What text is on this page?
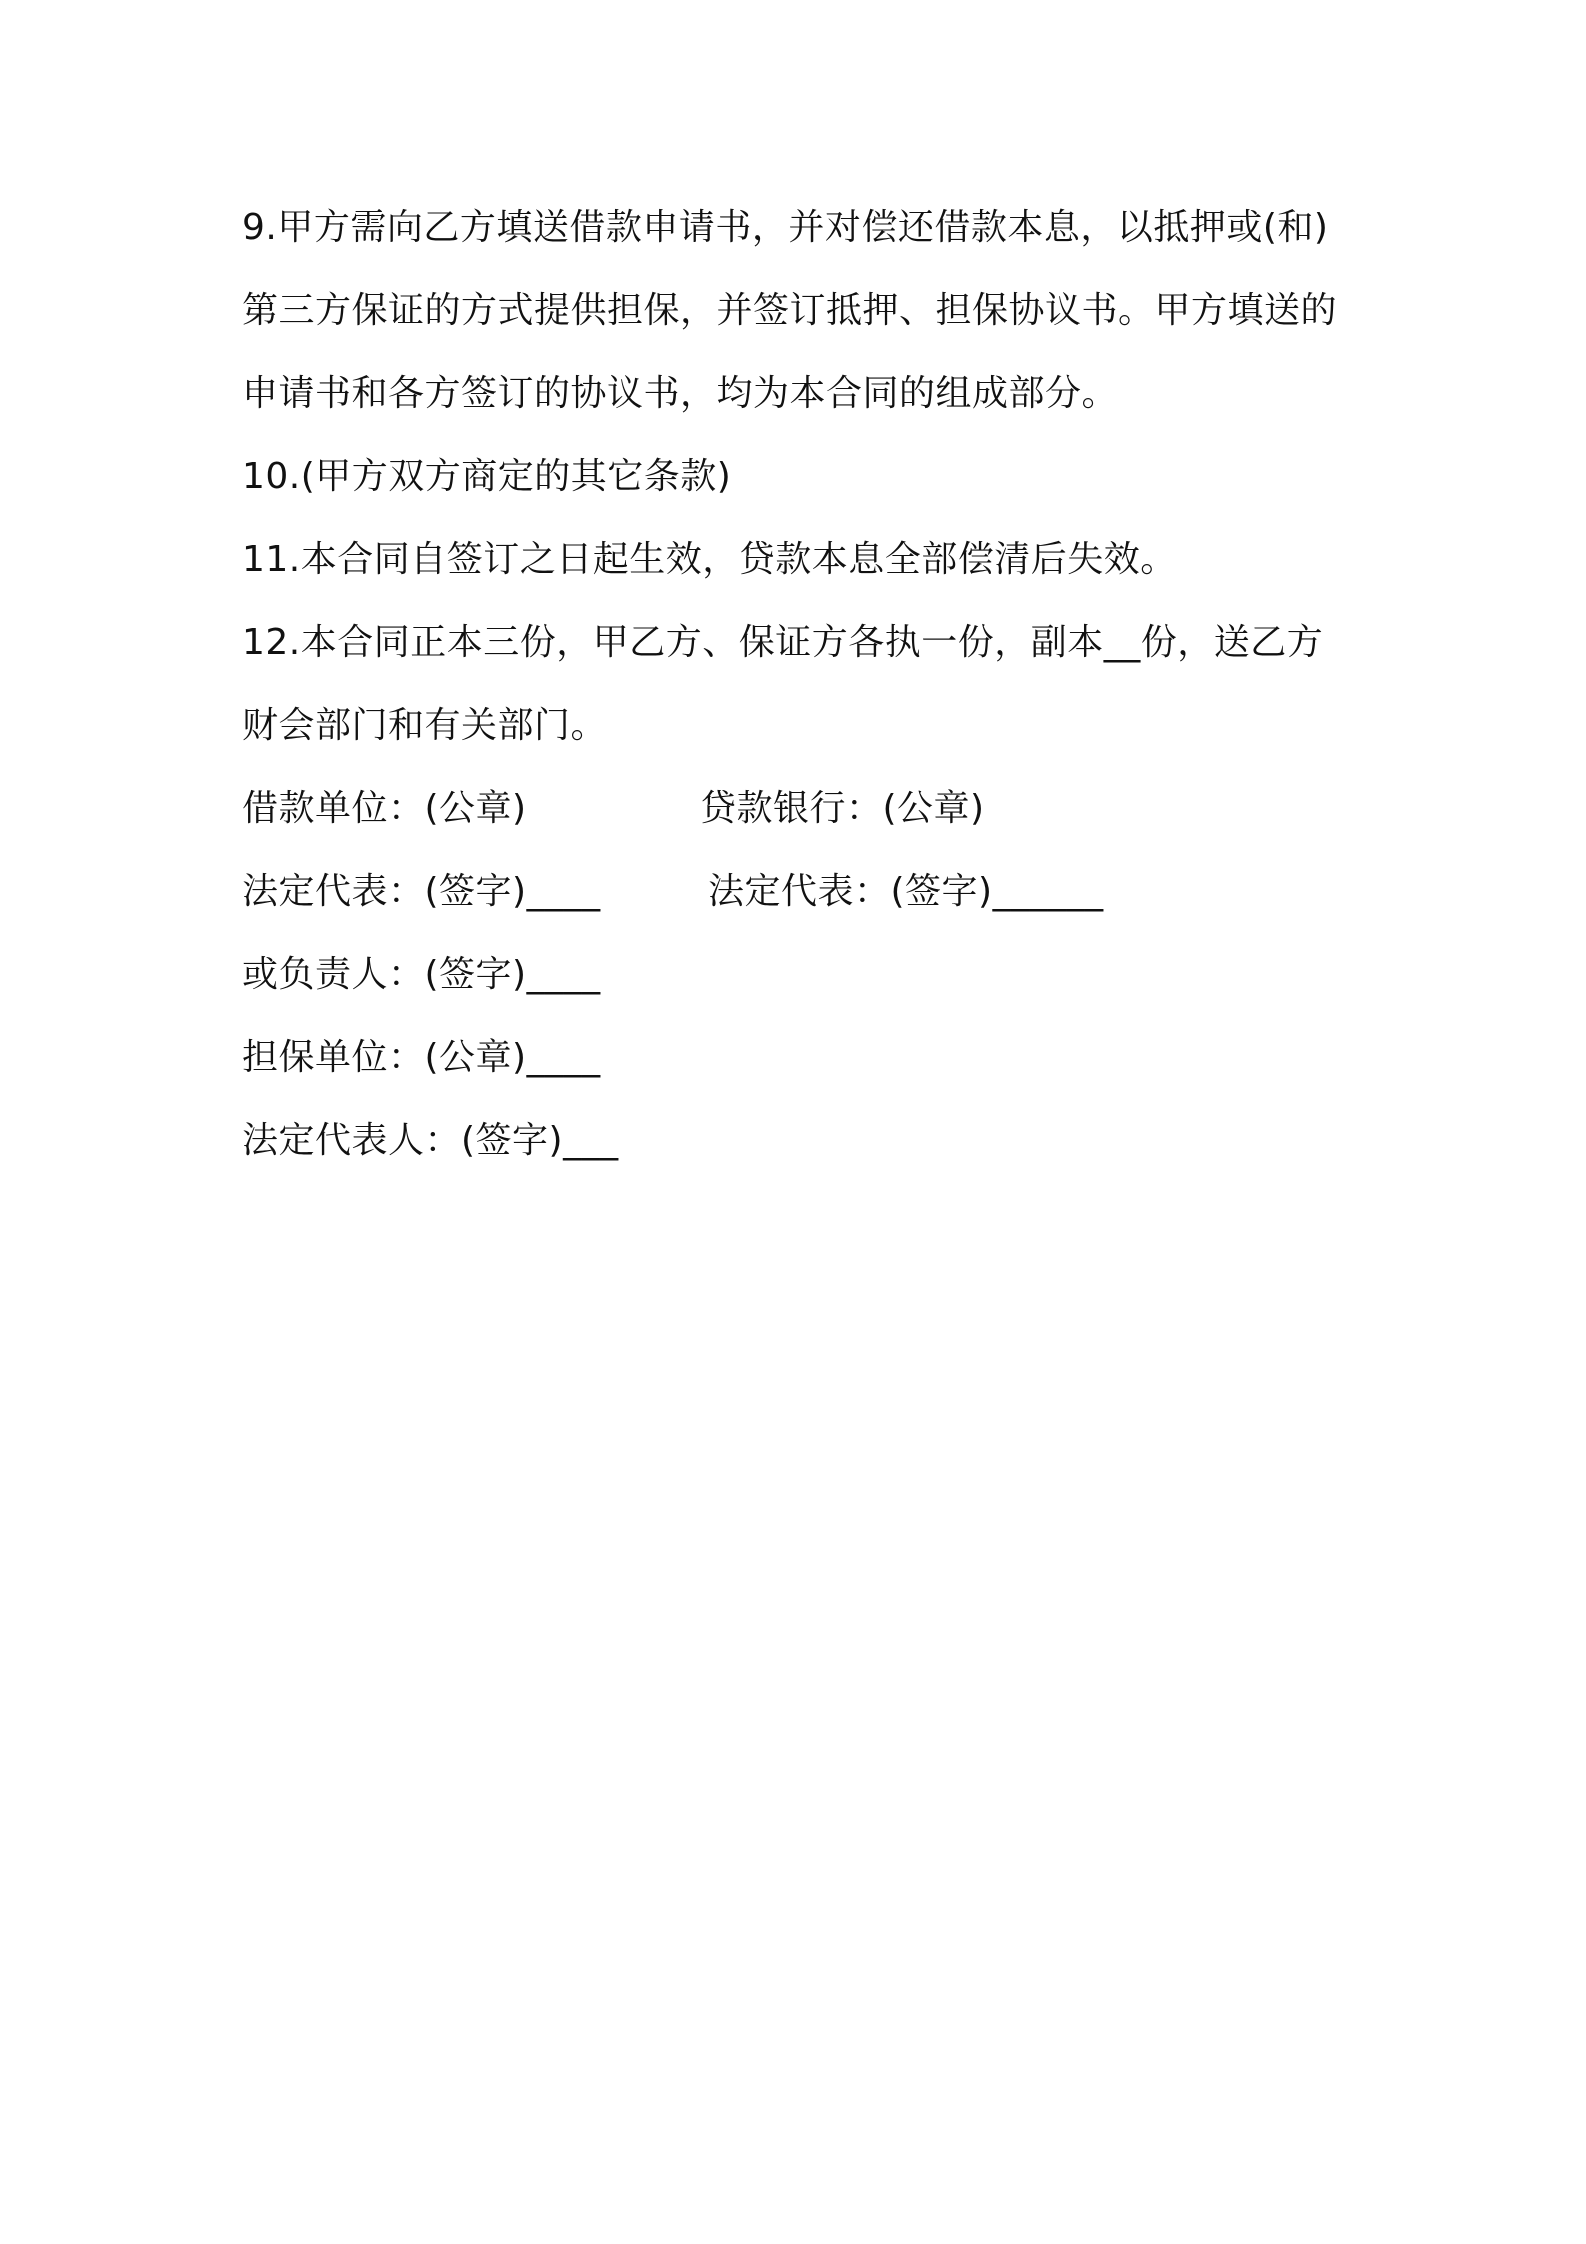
9.甲方需向乙方填送借款申请书，并对偿还借款本息，以抵押或(和)
第三方保证的方式提供担保，并签订抵押、担保协议书。甲方填送的
申请书和各方签订的协议书，均为本合同的组成部分。
10.(甲方双方商定的其它条款)
11.本合同自签订之日起生效，贷款本息全部偿清后失效。
12.本合同正本三份，甲乙方、保证方各执一份，副本__份，送乙方
财会部门和有关部门。
借款单位：(公章)	贷款银行：(公章)
法定代表：(签字)____	法定代表：(签字)______
或负责人：(签字)____
担保单位：(公章)____
法定代表人：(签字)___
